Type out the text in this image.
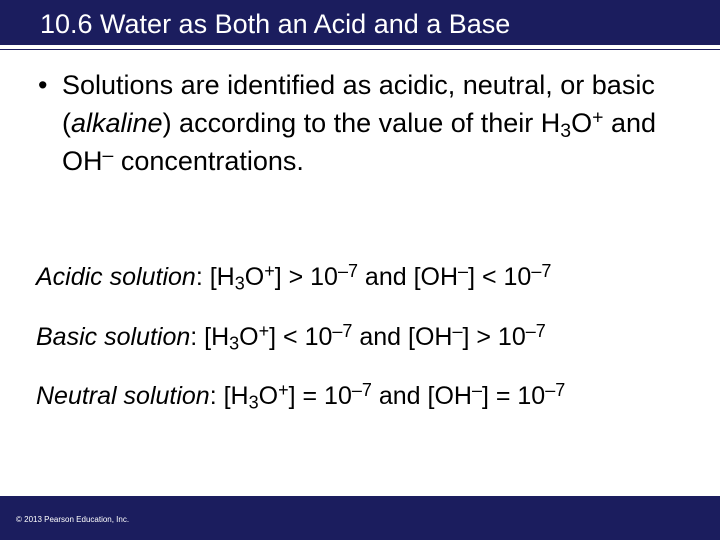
10.6 Water as Both an Acid and a Base
• Solutions are identified as acidic, neutral, or basic (alkaline) according to the value of their $H_3O^+$ and OH– concentrations.
Acidic solution: $[H_3O^+] > 10^{-7}$ and $[OH^-] < 10^{-7}$
Basic solution: $[H_3O^+] < 10^{-7}$ and $[OH^-] > 10^{-7}$
Neutral solution: $[H_3O^+] = 10^{-7}$ and $[OH^-] = 10^{-7}$
© 2013 Pearson Education, Inc.
